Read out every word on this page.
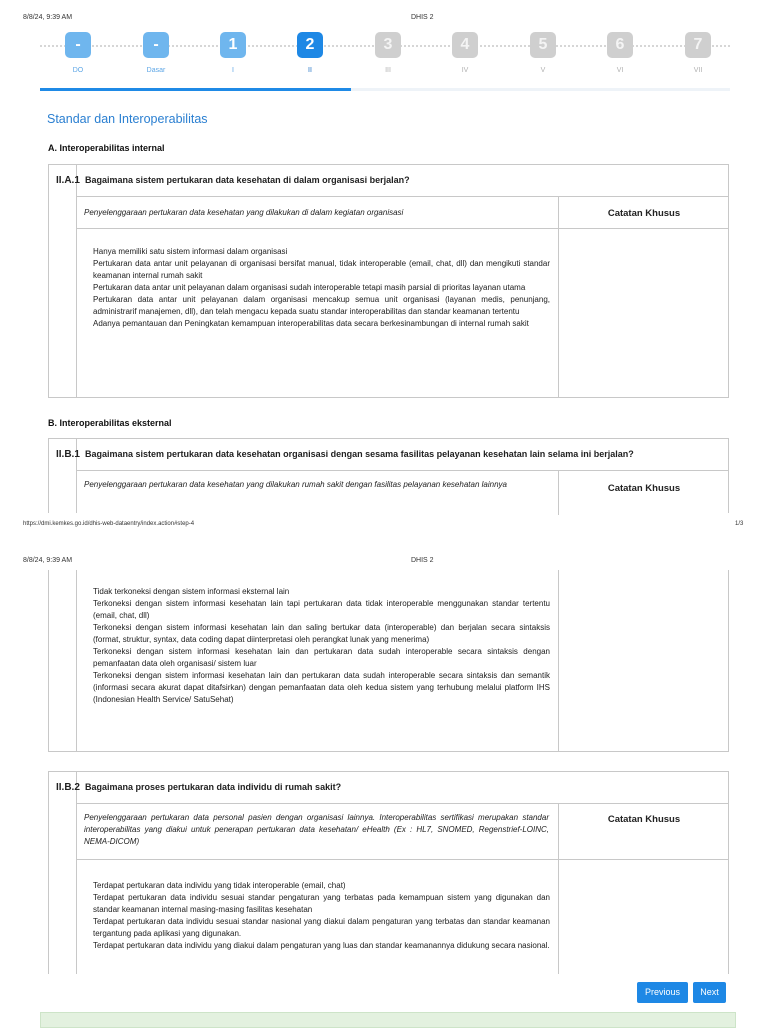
8/8/24, 9:39 AM	DHIS 2
-
DO
-
Dasar
1
I
2
II
3
III
4
IV
5
V
6
VI
7
VII
Standar dan Interoperabilitas
A. Interoperabilitas internal
II.A.1 Bagaimana sistem pertukaran data kesehatan di dalam organisasi berjalan?
Penyelenggaraan pertukaran data kesehatan yang dilakukan di dalam kegiatan organisasi	Catatan Khusus
Hanya memiliki satu sistem informasi dalam organisasi
Pertukaran data antar unit pelayanan di organisasi bersifat manual, tidak interoperable (email, chat, dll) dan mengikuti standar keamanan internal rumah sakit
Pertukaran data antar unit pelayanan dalam organisasi sudah interoperable tetapi masih parsial di prioritas layanan utama
Pertukaran data antar unit pelayanan dalam organisasi mencakup semua unit organisasi (layanan medis, penunjang, administrarif manajemen, dll), dan telah mengacu kepada suatu standar interoperabilitas dan standar keamanan tertentu
Adanya pemantauan dan Peningkatan kemampuan interoperabilitas data secara berkesinambungan di internal rumah sakit
B. Interoperabilitas eksternal
II.B.1 Bagaimana sistem pertukaran data kesehatan organisasi dengan sesama fasilitas pelayanan kesehatan lain selama ini berjalan?
Penyelenggaraan pertukaran data kesehatan yang dilakukan rumah sakit dengan fasilitas pelayanan kesehatan lainnya	Catatan Khusus
https://dmi.kemkes.go.id/dhis-web-dataentry/index.action#step-4	1/3
8/8/24, 9:39 AM	DHIS 2
Tidak terkoneksi dengan sistem informasi eksternal lain
Terkoneksi dengan sistem informasi kesehatan lain tapi pertukaran data tidak interoperable menggunakan standar tertentu (email, chat, dll)
Terkoneksi dengan sistem informasi kesehatan lain dan saling bertukar data (interoperable) dan berjalan secara sintaksis (format, struktur, syntax, data coding dapat diinterpretasi oleh perangkat lunak yang menerima)
Terkoneksi dengan sistem informasi kesehatan lain dan pertukaran data sudah interoperable secara sintaksis dengan pemanfaatan data oleh organisasi/ sistem luar
Terkoneksi dengan sistem informasi kesehatan lain dan pertukaran data sudah interoperable secara sintaksis dan semantik (informasi secara akurat dapat ditafsirkan) dengan pemanfaatan data oleh kedua sistem yang terhubung melalui platform IHS (Indonesian Health Service/ SatuSehat)
II.B.2 Bagaimana proses pertukaran data individu di rumah sakit?
Penyelenggaraan pertukaran data personal pasien dengan organisasi lainnya. Interoperabilitas sertifikasi merupakan standar interoperabilitas yang diakui untuk penerapan pertukaran data kesehatan/ eHealth (Ex : HL7, SNOMED, Regenstrief-LOINC, NEMA-DICOM)
Catatan Khusus
Terdapat pertukaran data individu yang tidak interoperable (email, chat)
Terdapat pertukaran data individu sesuai standar pengaturan yang terbatas pada kemampuan sistem yang digunakan dan standar keamanan internal masing-masing fasilitas kesehatan
Terdapat pertukaran data individu sesuai standar nasional yang diakui dalam pengaturan yang terbatas dan standar keamanan tergantung pada aplikasi yang digunakan.
Terdapat pertukaran data individu yang diakui dalam pengaturan yang luas dan standar keamanannya didukung secara nasional.
Previous	Next
